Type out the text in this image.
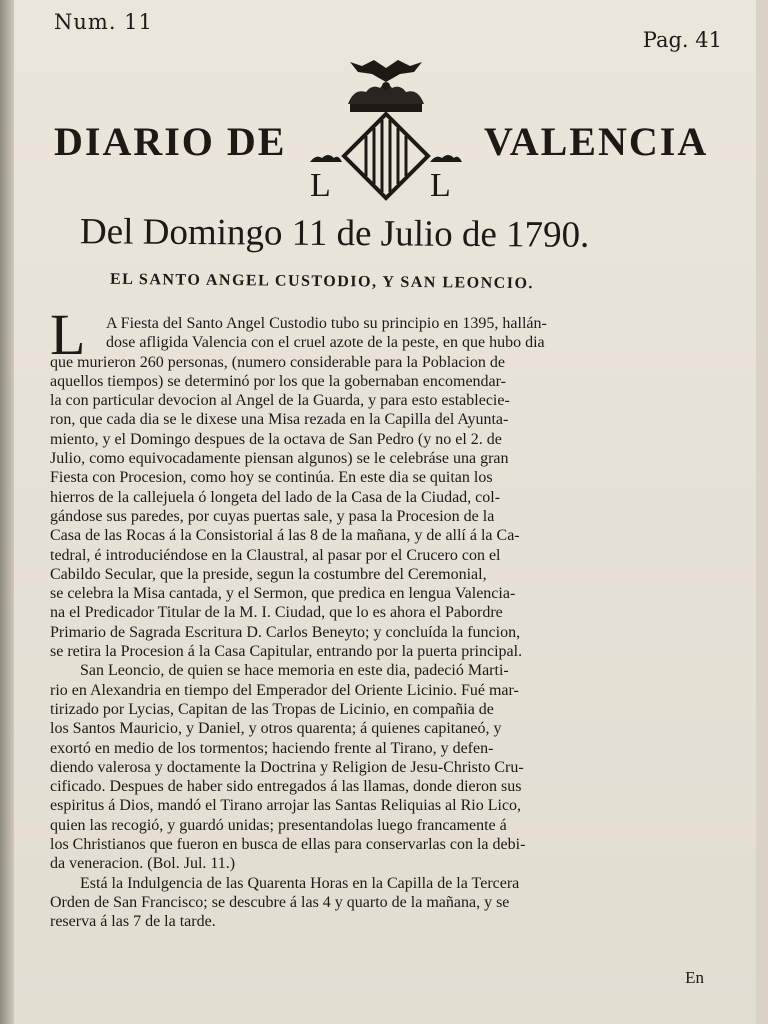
Num. 11
Pag. 41
DIARIO DE
L	L
VALENCIA
Del Domingo 11 de Julio de 1790.
EL SANTO ANGEL CUSTODIO, Y SAN LEONCIO.
L	A Fiesta del Santo Angel Custodio tubo su principio en 1395, hallán-
dose afligida Valencia con el cruel azote de la peste, en que hubo dia
que murieron 260 personas, (numero considerable para la Poblacion de
aquellos tiempos) se determinó por los que la gobernaban encomendar-
la con particular devocion al Angel de la Guarda, y para esto establecie-
ron, que cada dia se le dixese una Misa rezada en la Capilla del Ayunta-
miento, y el Domingo despues de la octava de San Pedro (y no el 2. de
Julio, como equivocadamente piensan algunos) se le celebráse una gran
Fiesta con Procesion, como hoy se continúa. En este dia se quitan los
hierros de la callejuela ó longeta del lado de la Casa de la Ciudad, col-
gándose sus paredes, por cuyas puertas sale, y pasa la Procesion de la
Casa de las Rocas á la Consistorial á las 8 de la mañana, y de allí á la Ca-
tedral, é introduciéndose en la Claustral, al pasar por el Crucero con el
Cabildo Secular, que la preside, segun la costumbre del Ceremonial,
se celebra la Misa cantada, y el Sermon, que predica en lengua Valencia-
na el Predicador Titular de la M. I. Ciudad, que lo es ahora el Pabordre
Primario de Sagrada Escritura D. Carlos Beneyto; y concluída la funcion,
se retira la Procesion á la Casa Capitular, entrando por la puerta principal.
San Leoncio, de quien se hace memoria en este dia, padeció Marti-
rio en Alexandria en tiempo del Emperador del Oriente Licinio. Fué mar-
tirizado por Lycias, Capitan de las Tropas de Licinio, en compañia de
los Santos Mauricio, y Daniel, y otros quarenta; á quienes capitaneó, y
exortó en medio de los tormentos; haciendo frente al Tirano, y defen-
diendo valerosa y doctamente la Doctrina y Religion de Jesu-Christo Cru-
cificado. Despues de haber sido entregados á las llamas, donde dieron sus
espiritus á Dios, mandó el Tirano arrojar las Santas Reliquias al Rio Lico,
quien las recogió, y guardó unidas; presentandolas luego francamente á
los Christianos que fueron en busca de ellas para conservarlas con la debi-
da veneracion. (Bol. Jul. 11.)
Está la Indulgencia de las Quarenta Horas en la Capilla de la Tercera
Orden de San Francisco; se descubre á las 4 y quarto de la mañana, y se
reserva á las 7 de la tarde.
En
